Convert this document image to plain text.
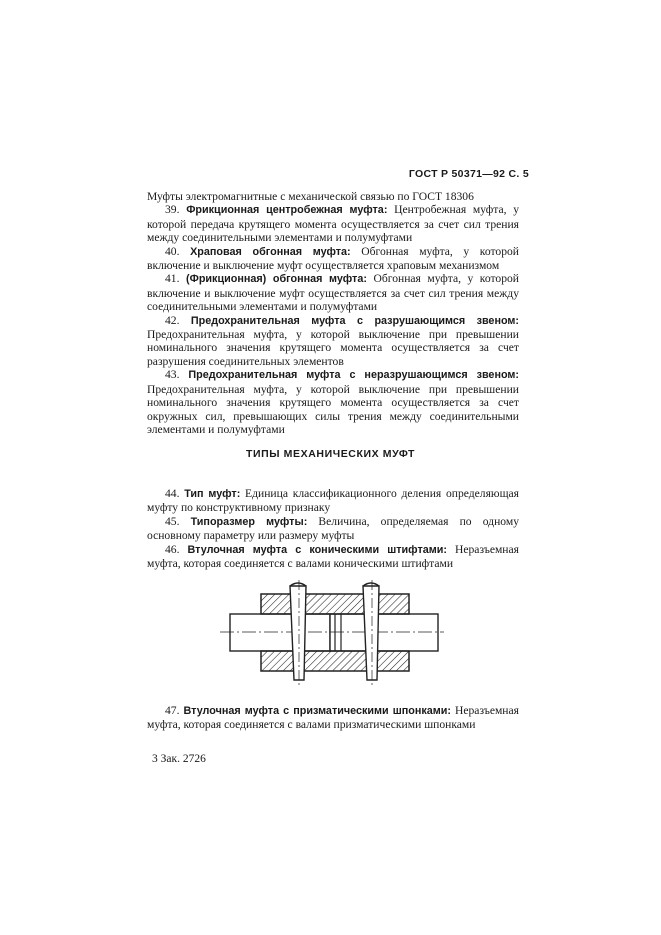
ГОСТ Р 50371—92 С. 5

Муфты электромагнитные с механической связью по ГОСТ 18306

39. Фрикционная центробежная муфта: Центробежная муфта, у которой передача крутящего момента осуществляется за счет сил трения между соединительными элементами и полумуфтами

40. Храповая обгонная муфта: Обгонная муфта, у которой включение и выключение муфт осуществляется храповым механизмом

41. (Фрикционная) обгонная муфта: Обгонная муфта, у которой включение и выключение муфт осуществляется за счет сил трения между соединительными элементами и полумуфтами

42. Предохранительная муфта с разрушающимся звеном: Предохранительная муфта, у которой выключение при превышении номинального значения крутящего момента осуществляется за счет разрушения соединительных элементов

43. Предохранительная муфта с неразрушающимся звеном: Предохранительная муфта, у которой выключение при превышении номинального значения крутящего момента осуществляется за счет окружных сил, превышающих силы трения между соединительными элементами и полумуфтами

ТИПЫ МЕХАНИЧЕСКИХ МУФТ

44. Тип муфт: Единица классификационного деления определяющая муфту по конструктивному признаку

45. Типоразмер муфты: Величина, определяемая по одному основному параметру или размеру муфты

46. Втулочная муфта с коническими штифтами: Неразъемная муфта, которая соединяется с валами коническими штифтами

47. Втулочная муфта с призматическими шпонками: Неразъемная муфта, которая соединяется с валами призматическими шпонками

3 Зак. 2726
